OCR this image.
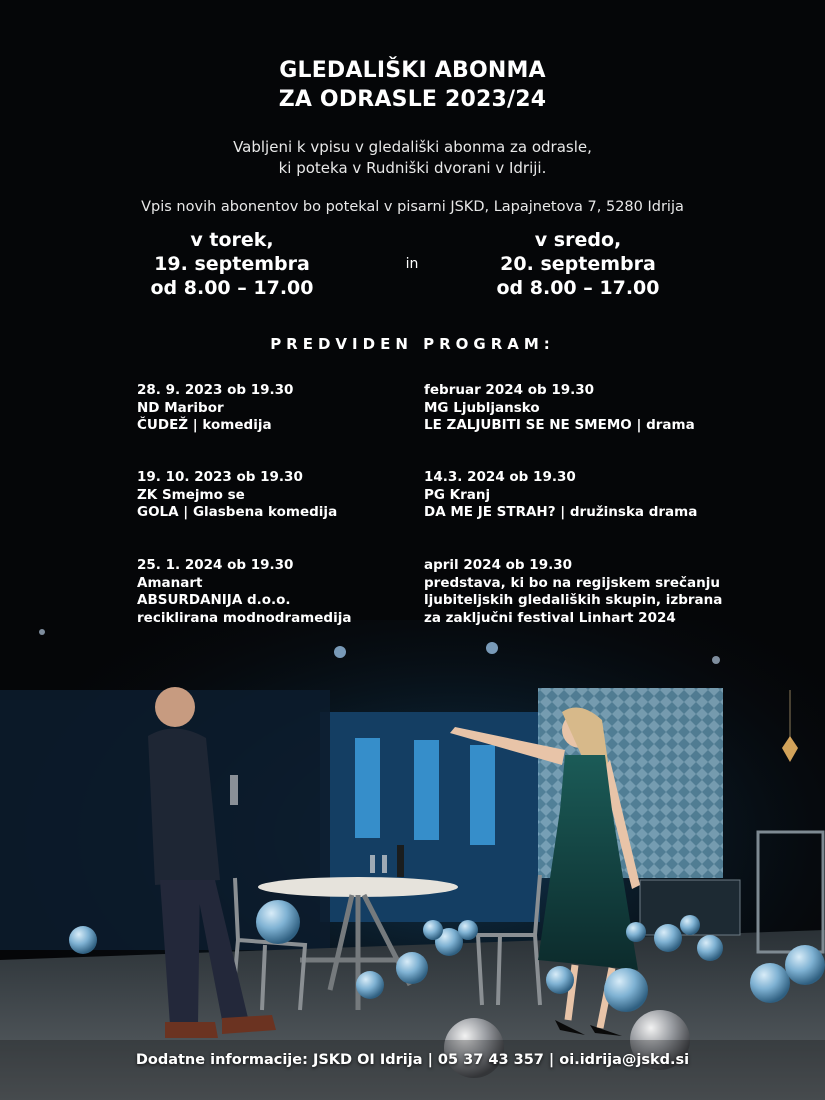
GLEDALIŠKI ABONMA
ZA ODRASLE 2023/24
Vabljeni k vpisu v gledališki abonma za odrasle,
ki poteka v Rudniški dvorani v Idriji.
Vpis novih abonentov bo potekal v pisarni JSKD, Lapajnetova 7, 5280 Idrija
v torek,
19. septembra
od 8.00 – 17.00
in
v sredo,
20. septembra
od 8.00 – 17.00
PREDVIDEN PROGRAM:
28. 9. 2023 ob 19.30
ND Maribor
ČUDEŽ | komedija
februar 2024 ob 19.30
MG Ljubljansko
LE ZALJUBITI SE NE SMEMO | drama
19. 10. 2023 ob 19.30
ZK Smejmo se
GOLA | Glasbena komedija
14.3. 2024 ob 19.30
PG Kranj
DA ME JE STRAH? | družinska drama
25. 1. 2024 ob 19.30
Amanart
ABSURDANIJA d.o.o.
reciklirana modnodramedija
april 2024 ob 19.30
predstava, ki bo na regijskem srečanju
ljubiteljskih gledaliških skupin, izbrana
za zaključni festival Linhart 2024
Dodatne informacije: JSKD OI Idrija | 05 37 43 357 | oi.idrija@jskd.si
